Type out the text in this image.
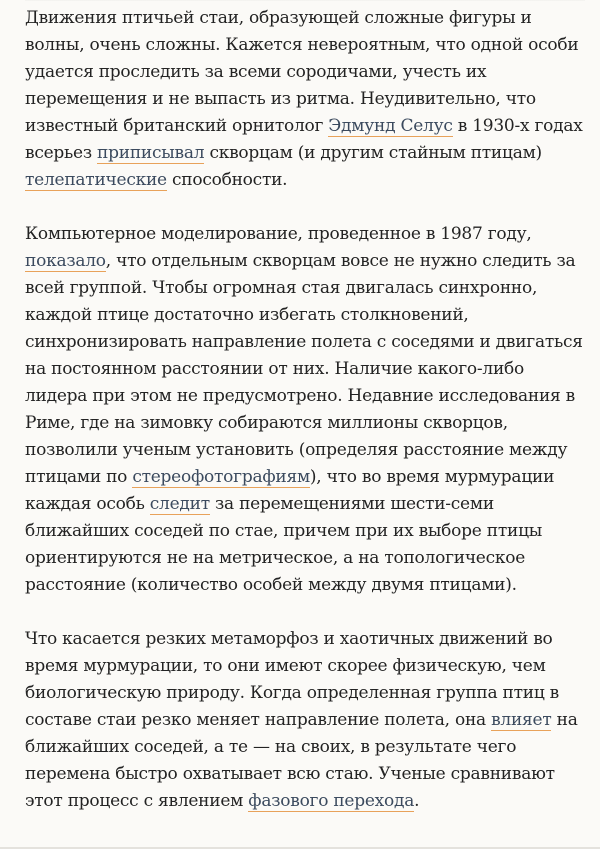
Движения птичьей стаи, образующей сложные фигуры и волны, очень сложны. Кажется невероятным, что одной особи удается проследить за всеми сородичами, учесть их перемещения и не выпасть из ритма. Неудивительно, что известный британский орнитолог Эдмунд Селус в 1930-х годах всерьез приписывал скворцам (и другим стайным птицам) телепатические способности.

Компьютерное моделирование, проведенное в 1987 году, показало, что отдельным скворцам вовсе не нужно следить за всей группой. Чтобы огромная стая двигалась синхронно, каждой птице достаточно избегать столкновений, синхронизировать направление полета с соседями и двигаться на постоянном расстоянии от них. Наличие какого-либо лидера при этом не предусмотрено. Недавние исследования в Риме, где на зимовку собираются миллионы скворцов, позволили ученым установить (определяя расстояние между птицами по стереофотографиям), что во время мурмурации каждая особь следит за перемещениями шести-семи ближайших соседей по стае, причем при их выборе птицы ориентируются не на метрическое, а на топологическое расстояние (количество особей между двумя птицами).

Что касается резких метаморфоз и хаотичных движений во время мурмурации, то они имеют скорее физическую, чем биологическую природу. Когда определенная группа птиц в составе стаи резко меняет направление полета, она влияет на ближайших соседей, а те — на своих, в результате чего перемена быстро охватывает всю стаю. Ученые сравнивают этот процесс с явлением фазового перехода.
